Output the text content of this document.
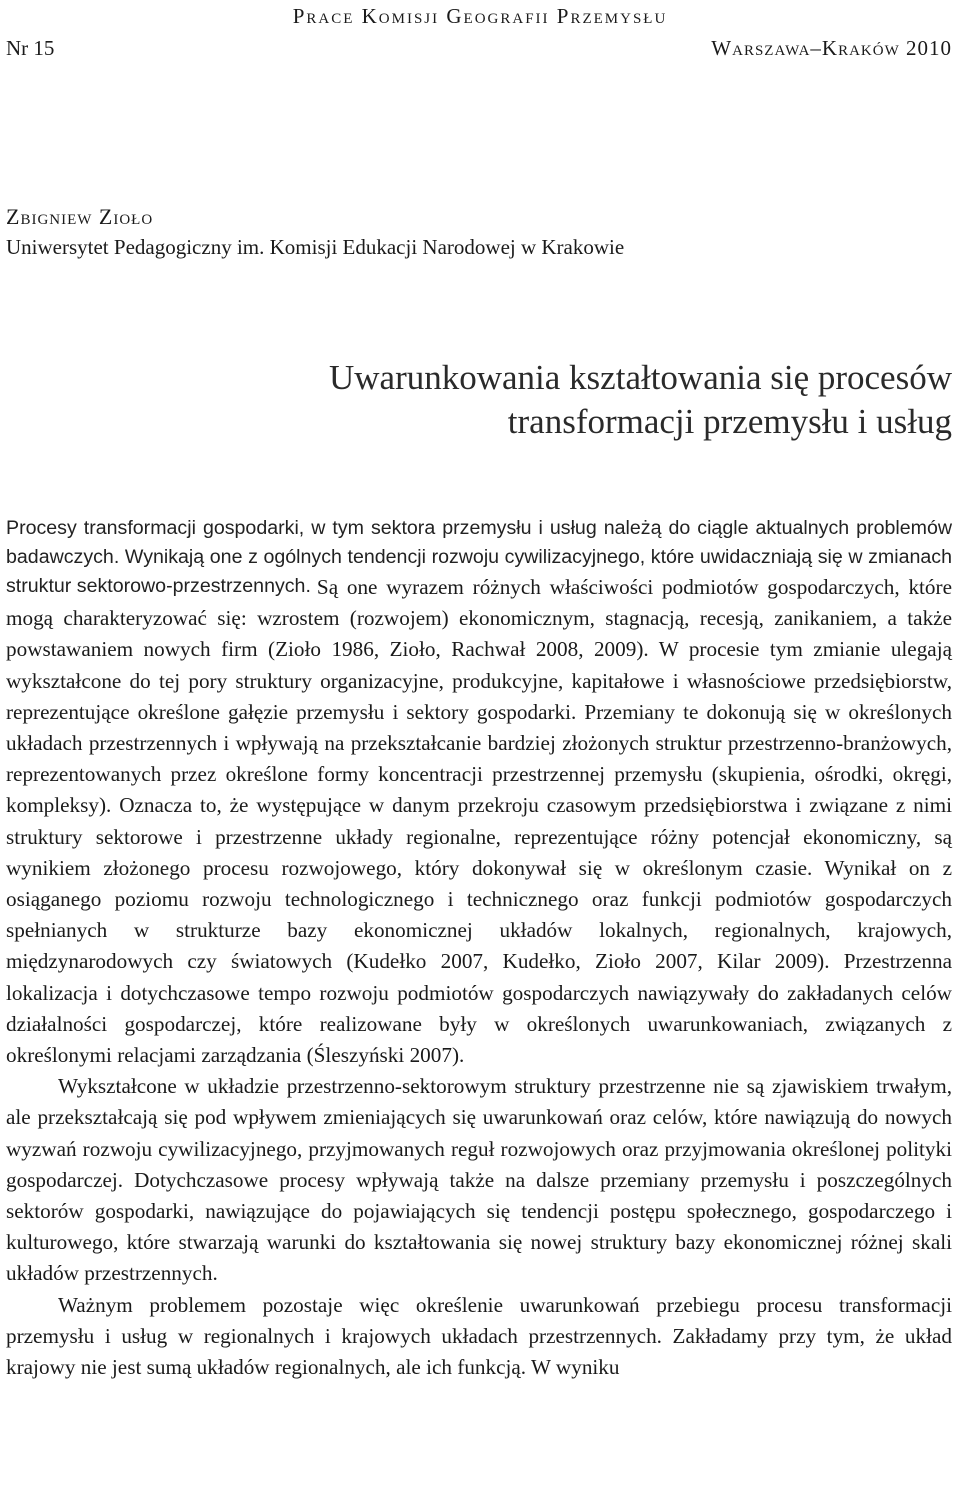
Prace Komisji Geografii Przemysłu
Nr 15	Warszawa–Kraków 2010
Zbigniew Zioło
Uniwersytet Pedagogiczny im. Komisji Edukacji Narodowej w Krakowie
Uwarunkowania kształtowania się procesów
transformacji przemysłu i usług
Procesy transformacji gospodarki, w tym sektora przemysłu i usług należą do ciągle aktualnych problemów badawczych. Wynikają one z ogólnych tendencji rozwoju cywilizacyjnego, które uwidaczniają się w zmianach struktur sektorowo-przestrzennych. Są one wyrazem różnych właściwości podmiotów gospodarczych, które mogą charakteryzować się: wzrostem (rozwojem) ekonomicznym, stagnacją, recesją, zanikaniem, a także powstawaniem nowych firm (Zioło 1986, Zioło, Rachwał 2008, 2009). W procesie tym zmianie ulegają wykształcone do tej pory struktury organizacyjne, produkcyjne, kapitałowe i własnościowe przedsiębiorstw, reprezentujące określone gałęzie przemysłu i sektory gospodarki. Przemiany te dokonują się w określonych układach przestrzennych i wpływają na przekształcanie bardziej złożonych struktur przestrzenno-branżowych, reprezentowanych przez określone formy koncentracji przestrzennej przemysłu (skupienia, ośrodki, okręgi, kompleksy). Oznacza to, że występujące w danym przekroju czasowym przedsiębiorstwa i związane z nimi struktury sektorowe i przestrzenne układy regionalne, reprezentujące różny potencjał ekonomiczny, są wynikiem złożonego procesu rozwojowego, który dokonywał się w określonym czasie. Wynikał on z osiąganego poziomu rozwoju technologicznego i technicznego oraz funkcji podmiotów gospodarczych spełnianych w strukturze bazy ekonomicznej układów lokalnych, regionalnych, krajowych, międzynarodowych czy światowych (Kudełko 2007, Kudełko, Zioło 2007, Kilar 2009). Przestrzenna lokalizacja i dotychczasowe tempo rozwoju podmiotów gospodarczych nawiązywały do zakładanych celów działalności gospodarczej, które realizowane były w określonych uwarunkowaniach, związanych z określonymi relacjami zarządzania (Śleszyński 2007).

Wykształcone w układzie przestrzenno-sektorowym struktury przestrzenne nie są zjawiskiem trwałym, ale przekształcają się pod wpływem zmieniających się uwarunkowań oraz celów, które nawiązują do nowych wyzwań rozwoju cywilizacyjnego, przyjmowanych reguł rozwojowych oraz przyjmowania określonej polityki gospodarczej. Dotychczasowe procesy wpływają także na dalsze przemiany przemysłu i poszczególnych sektorów gospodarki, nawiązujące do pojawiających się tendencji postępu społecznego, gospodarczego i kulturowego, które stwarzają warunki do kształtowania się nowej struktury bazy ekonomicznej różnej skali układów przestrzennych.

Ważnym problemem pozostaje więc określenie uwarunkowań przebiegu procesu transformacji przemysłu i usług w regionalnych i krajowych układach przestrzennych. Zakładamy przy tym, że układ krajowy nie jest sumą układów regionalnych, ale ich funkcją. W wyniku
